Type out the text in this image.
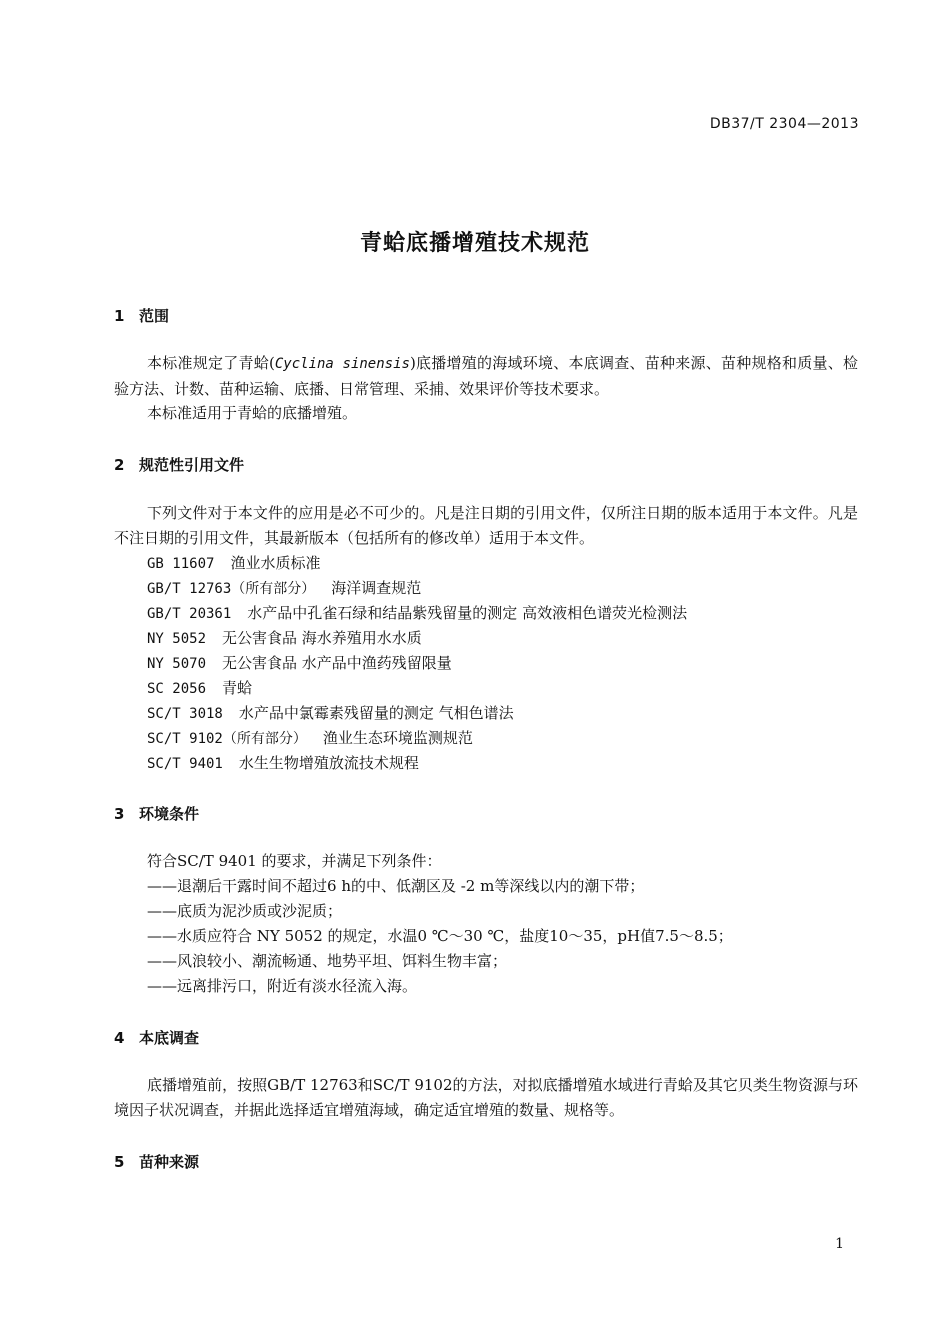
DB37/T 2304—2013
青蛤底播增殖技术规范
1 范围

本标准规定了青蛤(Cyclina sinensis)底播增殖的海域环境、本底调查、苗种来源、苗种规格和质量、检验方法、计数、苗种运输、底播、日常管理、采捕、效果评价等技术要求。

本标准适用于青蛤的底播增殖。

2 规范性引用文件

下列文件对于本文件的应用是必不可少的。凡是注日期的引用文件，仅所注日期的版本适用于本文件。凡是不注日期的引用文件，其最新版本（包括所有的修改单）适用于本文件。

GB 11607 渔业水质标准
GB/T 12763（所有部分） 海洋调查规范
GB/T 20361 水产品中孔雀石绿和结晶紫残留量的测定 高效液相色谱荧光检测法
NY 5052 无公害食品 海水养殖用水水质
NY 5070 无公害食品 水产品中渔药残留限量
SC 2056 青蛤
SC/T 3018 水产品中氯霉素残留量的测定 气相色谱法
SC/T 9102（所有部分） 渔业生态环境监测规范
SC/T 9401 水生生物增殖放流技术规程
3 环境条件
符合SC/T 9401 的要求，并满足下列条件：
——退潮后干露时间不超过6 h的中、低潮区及 -2 m等深线以内的潮下带；
——底质为泥沙质或沙泥质；
——水质应符合 NY 5052 的规定，水温0 ℃～30 ℃，盐度10～35，pH值7.5～8.5；
——风浪较小、潮流畅通、地势平坦、饵料生物丰富；
——远离排污口，附近有淡水径流入海。
4 本底调查

底播增殖前，按照GB/T 12763和SC/T 9102的方法，对拟底播增殖水域进行青蛤及其它贝类生物资源与环境因子状况调查，并据此选择适宜增殖海域，确定适宜增殖的数量、规格等。

5 苗种来源
1
